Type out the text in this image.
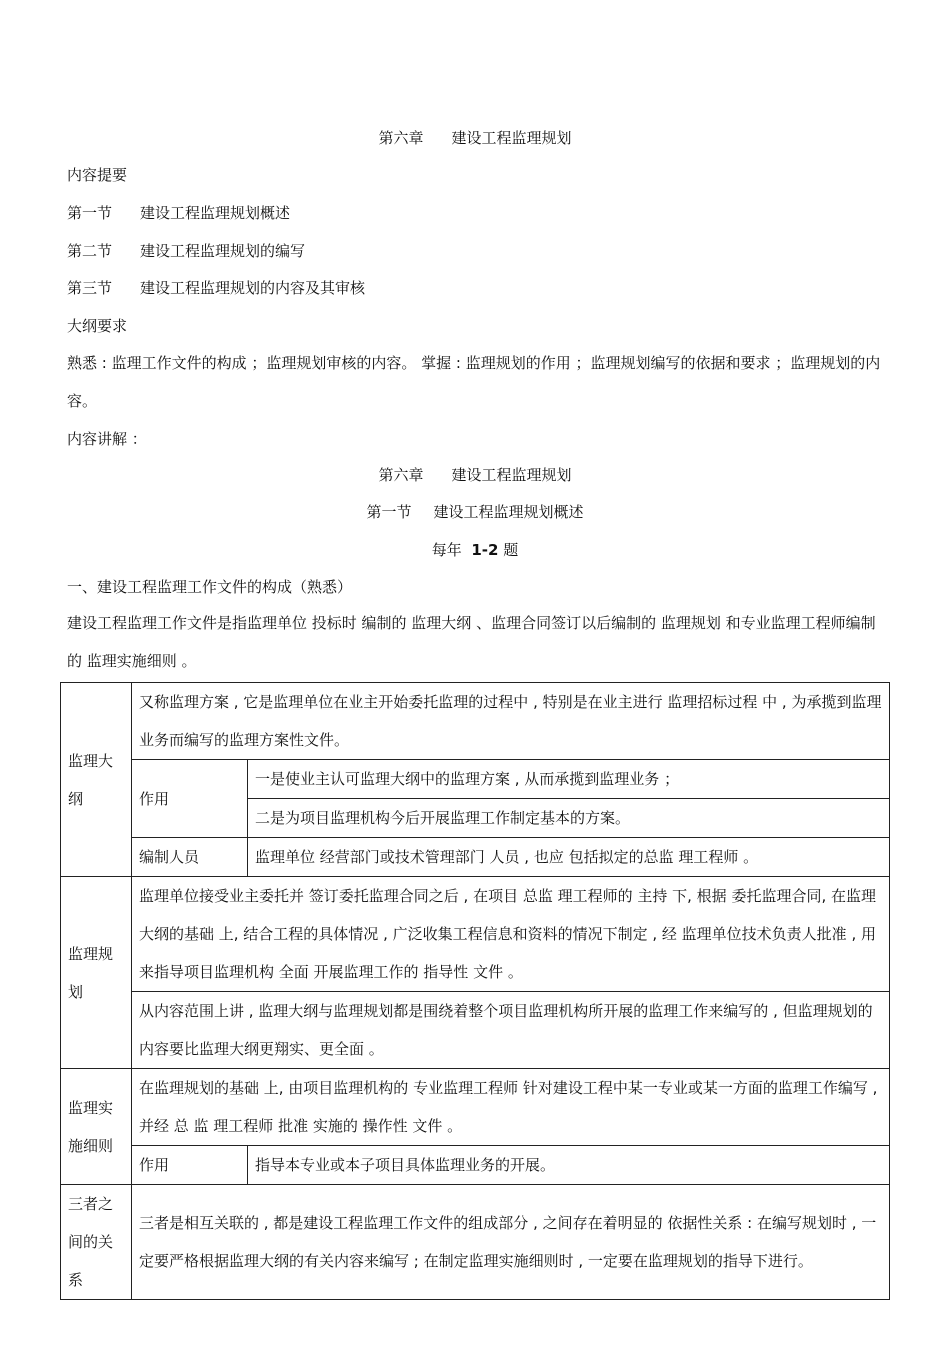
第六章 建设工程监理规划
内容提要
第一节 建设工程监理规划概述
第二节 建设工程监理规划的编写
第三节 建设工程监理规划的内容及其审核
大纲要求
熟悉 : 监理工作文件的构成 ；监理规划审核的内容。 掌握 : 监理规划的作用 ；监理规划编写的依据和要求 ；监理规划的内容。
内容讲解 ：
第六章 建设工程监理规划
第一节 建设工程监理规划概述
每年 1-2 题
一、建设工程监理工作文件的构成（熟悉）
建设工程监理工作文件是指监理单位 投标时 编制的 监理大纲 、监理合同签订以后编制的 监理规划 和专业监理工程师编制的 监理实施细则 。
监理大纲	又称监理方案 , 它是监理单位在业主开始委托监理的过程中 , 特别是在业主进行 监理招标过程 中 , 为承揽到监理业务而编写的监理方案性文件。	
	作用	一是使业主认可监理大纲中的监理方案 , 从而承揽到监理业务 ；
		二是为项目监理机构今后开展监理工作制定基本的方案。
	编制人员	监理单位 经营部门或技术管理部门 人员 , 也应 包括拟定的总监 理工程师 。
监理规划	监理单位接受业主委托并 签订委托监理合同之后 , 在项目 总监 理工程师的 主持 下, 根据 委托监理合同, 在监理 大纲的基础 上, 结合工程的具体情况 , 广泛收集工程信息和资料的情况下制定 , 经 监理单位技术负责人批准 , 用来指导项目监理机构 全面 开展监理工作的 指导性 文件 。	
	从内容范围上讲 , 监理大纲与监理规划都是围绕着整个项目监理机构所开展的监理工作来编写的 , 但监理规划的内容要比监理大纲更翔实、更全面 。	
监理实施细则	在监理规划的基础 上, 由项目监理机构的 专业监理工程师 针对建设工程中某一专业或某一方面的监理工作编写 , 并经 总 监 理工程师 批准 实施的 操作性 文件 。	
	作用	指导本专业或本子项目具体监理业务的开展。
三者之间的关系	三者是相互关联的 , 都是建设工程监理工作文件的组成部分 , 之间存在着明显的 依据性关系 : 在编写规划时 , 一定要严格根据监理大纲的有关内容来编写 ; 在制定监理实施细则时 , 一定要在监理规划的指导下进行。	
